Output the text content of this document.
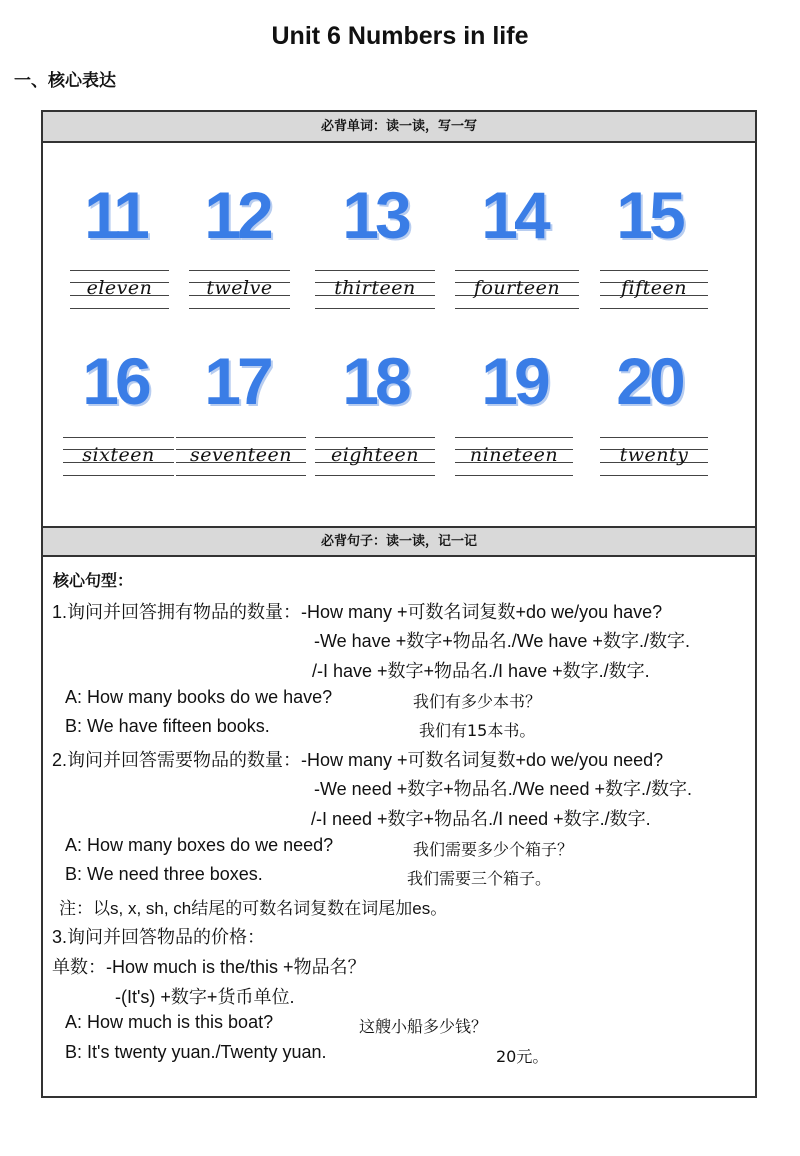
Unit 6 Numbers in life
一、核心表达
必背单词：读一读，写一写
11 12	13	14	15
eleven	twelve	thirteen	fourteen	fifteen
16 17	18	19	20
sixteen	seventeen	eighteen	nineteen	twenty
必背句子：读一读，记一记
核心句型：
1.询问并回答拥有物品的数量：-How many +可数名词复数+do we/you have?
-We have +数字+物品名./We have +数字./数字.
/-I have +数字+物品名./I have +数字./数字.
A: How many books do we have?	我们有多少本书？
B: We have fifteen books.	我们有15本书。
2.询问并回答需要物品的数量：-How many +可数名词复数+do we/you need?
-We need +数字+物品名./We need +数字./数字.
/-I need +数字+物品名./I need +数字./数字.
A: How many boxes do we need?	我们需要多少个箱子？
B: We need three boxes.	我们需要三个箱子。
注：以s, x, sh, ch结尾的可数名词复数在词尾加es。
3.询问并回答物品的价格：
单数：-How much is the/this +物品名？
-(It's) +数字+货币单位.
A: How much is this boat?	这艘小船多少钱？
B: It's twenty yuan./Twenty yuan.	20元。
